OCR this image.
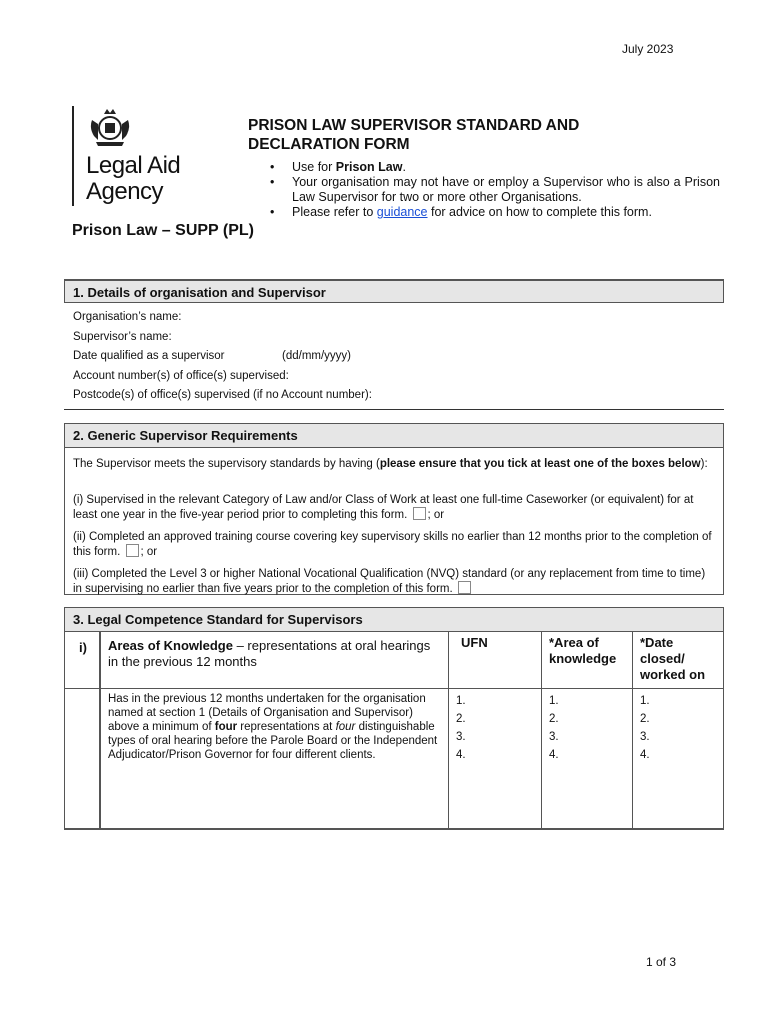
July 2023
Legal Aid
Agency
PRISON LAW SUPERVISOR STANDARD AND DECLARATION FORM
• Use for Prison Law.
• Your organisation may not have or employ a Supervisor who is also a Prison Law Supervisor for two or more other Organisations.
• Please refer to guidance for advice on how to complete this form.
Prison Law – SUPP (PL)
1. Details of organisation and Supervisor
Organisation’s name:
Supervisor’s name:
Date qualified as a supervisor	(dd/mm/yyyy)
Account number(s) of office(s) supervised:
Postcode(s) of office(s) supervised (if no Account number):
2. Generic Supervisor Requirements
The Supervisor meets the supervisory standards by having (please ensure that you tick at least one of the boxes below):
(i) Supervised in the relevant Category of Law and/or Class of Work at least one full-time Caseworker (or equivalent) for at least one year in the five-year period prior to completing this form. ; or
(ii) Completed an approved training course covering key supervisory skills no earlier than 12 months prior to the completion of this form. ; or
(iii) Completed the Level 3 or higher National Vocational Qualification (NVQ) standard (or any replacement from time to time) in supervising no earlier than five years prior to the completion of this form.
3. Legal Competence Standard for Supervisors
i) Areas of Knowledge – representations at oral hearings in the previous 12 months
UFN	*Area of knowledge
*Date closed/ worked on
Has in the previous 12 months undertaken for the organisation named at section 1 (Details of Organisation and Supervisor) above a minimum of four representations at four distinguishable types of oral hearing before the Parole Board or the Independent Adjudicator/Prison Governor for four different clients.
1.
2.
3.
4.
1.
2.
3.
4.
1.
2.
3.
4.
1 of 3
